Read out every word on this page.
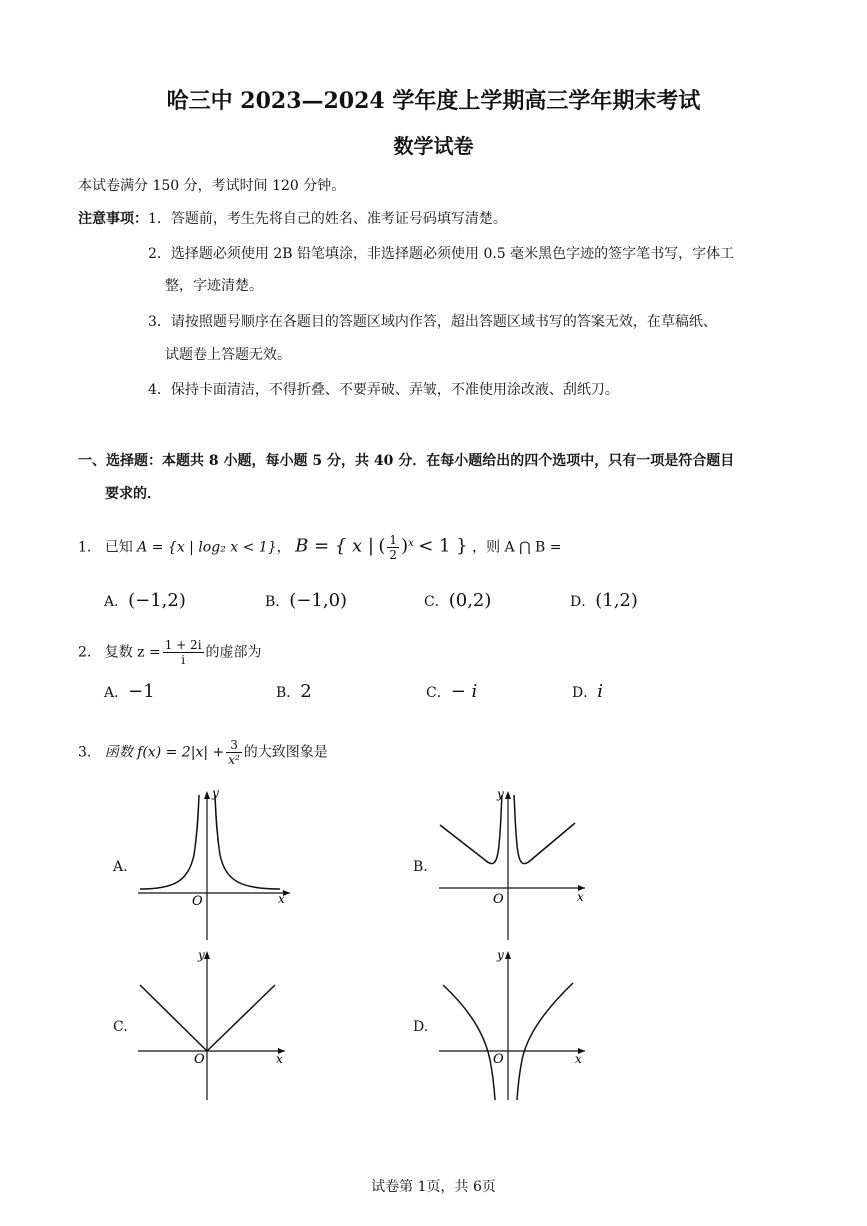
哈三中 2023—2024 学年度上学期高三学年期末考试
数学试卷
本试卷满分 150 分，考试时间 120 分钟。
注意事项： 1．答题前，考生先将自己的姓名、准考证号码填写清楚。
2．选择题必须使用 2B 铅笔填涂，非选择题必须使用 0.5 毫米黑色字迹的签字笔书写，字体工
整，字迹清楚。
3．请按照题号顺序在各题目的答题区域内作答，超出答题区域书写的答案无效，在草稿纸、
试题卷上答题无效。
4．保持卡面清洁，不得折叠、不要弄破、弄皱，不准使用涂改液、刮纸刀。
一、选择题：本题共 8 小题，每小题 5 分，共 40 分．在每小题给出的四个选项中，只有一项是符合题目
要求的．
1. 已知 A = {x | log₂ x < 1}， B = { x | ( $\frac{1}{2} )^x < 1$ } ，则 A ⋂ B =
A．(−1,2)	B．(−1,0)	C．(0,2)	D．(1,2)
2. 复数 $z = \frac{1 + 2i}{i}$ 的虚部为
A．−1	B．2	C．− i	D．i
3. 函数 $f(x) = 2|x| + \frac{3}{\text{x²}}$ 的大致图象是
A.
y
O	x
B.
y
O	x
C.
y
O	x
D.
y
O	x
试卷第 1页，共 6页
